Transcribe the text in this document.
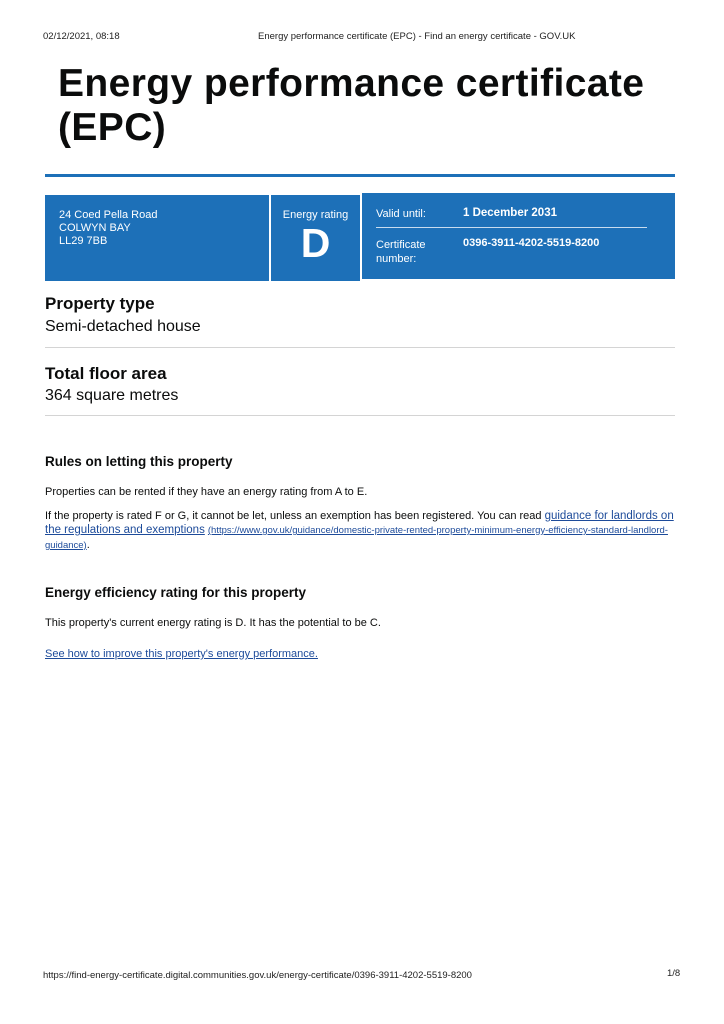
02/12/2021, 08:18	Energy performance certificate (EPC) - Find an energy certificate - GOV.UK
Energy performance certificate (EPC)
24 Coed Pella Road
COLWYN BAY
LL29 7BB
Energy rating
D
Valid until:	1 December 2031
Certificate number:
0396-3911-4202-5519-8200
Property type
Semi-detached house
Total floor area
364 square metres
Rules on letting this property

Properties can be rented if they have an energy rating from A to E.

If the property is rated F or G, it cannot be let, unless an exemption has been registered. You can read guidance for landlords on the regulations and exemptions (https://www.gov.uk/guidance/domestic-private-rented-property-minimum-energy-efficiency-standard-landlord-guidance).

Energy efficiency rating for this property

This property's current energy rating is D. It has the potential to be C.

See how to improve this property's energy performance.
https://find-energy-certificate.digital.communities.gov.uk/energy-certificate/0396-3911-4202-5519-8200	1/8
